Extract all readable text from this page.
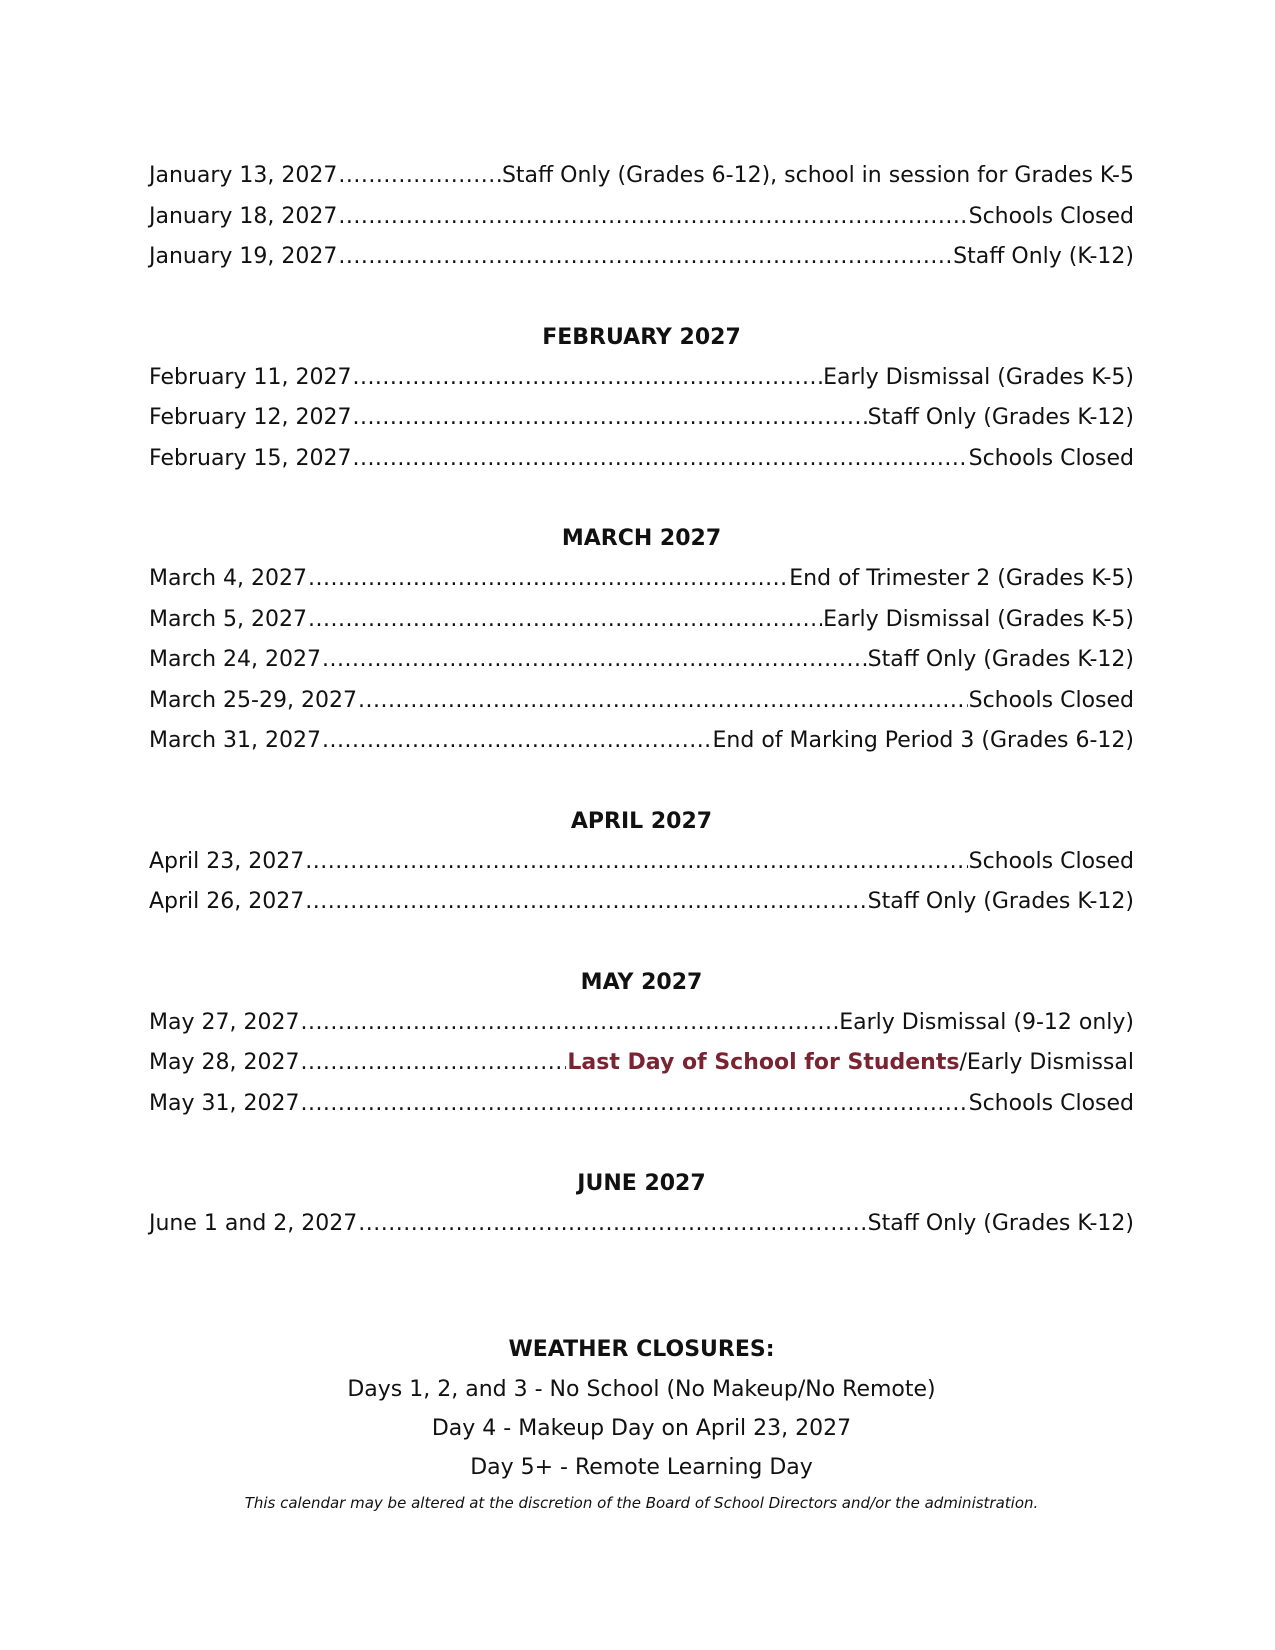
January 13, 2027 .....	Staff Only (Grades 6-12), school in session for Grades K-5
January 18, 2027 .....	Schools Closed
January 19, 2027 .....	Staff Only (K-12)
FEBRUARY 2027
February 11, 2027 .....	Early Dismissal (Grades K-5)
February 12, 2027 .....	Staff Only (Grades K-12)
February 15, 2027 .....	Schools Closed
MARCH 2027
March 4, 2027 .....	End of Trimester 2 (Grades K-5)
March 5, 2027 .....	Early Dismissal (Grades K-5)
March 24, 2027 .....	Staff Only (Grades K-12)
March 25-29, 2027 .....	Schools Closed
March 31, 2027 .....	End of Marking Period 3 (Grades 6-12)
APRIL 2027
April 23, 2027 .....	Schools Closed
April 26, 2027 .....	Staff Only (Grades K-12)
MAY 2027
May 27, 2027 .....	Early Dismissal (9-12 only)
May 28, 2027 .....	Last Day of School for Students/Early Dismissal
May 31, 2027 .....	Schools Closed
JUNE 2027
June 1 and 2, 2027 .....	Staff Only (Grades K-12)
WEATHER CLOSURES:
Days 1, 2, and 3 - No School (No Makeup/No Remote)
Day 4 - Makeup Day on April 23, 2027
Day 5+ - Remote Learning Day
This calendar may be altered at the discretion of the Board of School Directors and/or the administration.
